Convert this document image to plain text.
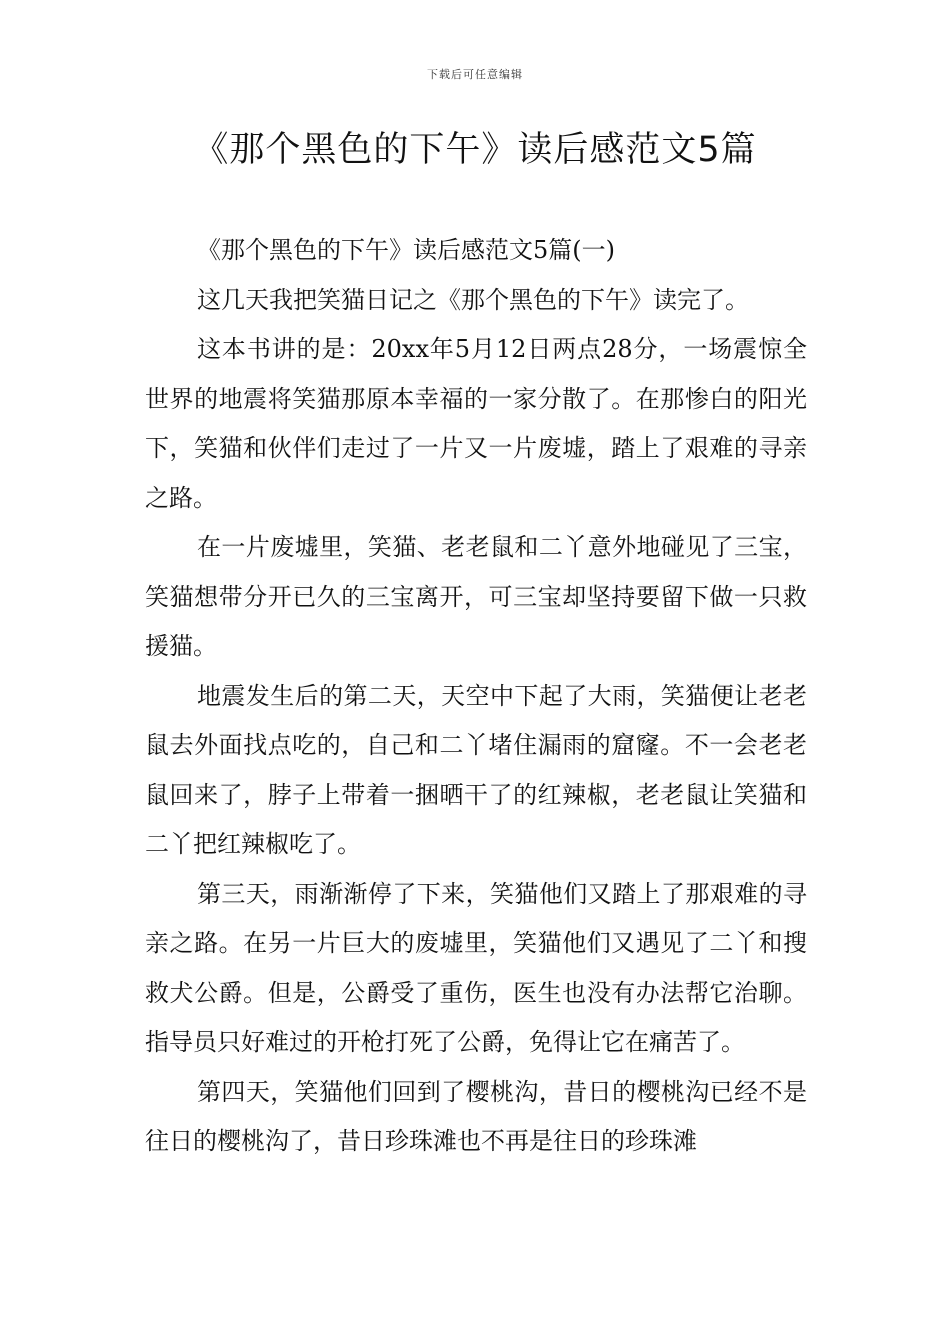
下载后可任意编辑
《那个黑色的下午》读后感范文5篇

《那个黑色的下午》读后感范文5篇(一)

这几天我把笑猫日记之《那个黑色的下午》读完了。

这本书讲的是：20xx年5月12日两点28分，一场震惊全世界的地震将笑猫那原本幸福的一家分散了。在那惨白的阳光下，笑猫和伙伴们走过了一片又一片废墟，踏上了艰难的寻亲之路。

在一片废墟里，笑猫、老老鼠和二丫意外地碰见了三宝，笑猫想带分开已久的三宝离开，可三宝却坚持要留下做一只救援猫。

地震发生后的第二天，天空中下起了大雨，笑猫便让老老鼠去外面找点吃的，自己和二丫堵住漏雨的窟窿。不一会老老鼠回来了，脖子上带着一捆晒干了的红辣椒，老老鼠让笑猫和二丫把红辣椒吃了。

第三天，雨渐渐停了下来，笑猫他们又踏上了那艰难的寻亲之路。在另一片巨大的废墟里，笑猫他们又遇见了二丫和搜救犬公爵。但是，公爵受了重伤，医生也没有办法帮它治聊。指导员只好难过的开枪打死了公爵，免得让它在痛苦了。

第四天，笑猫他们回到了樱桃沟，昔日的樱桃沟已经不是往日的樱桃沟了，昔日珍珠滩也不再是往日的珍珠滩
